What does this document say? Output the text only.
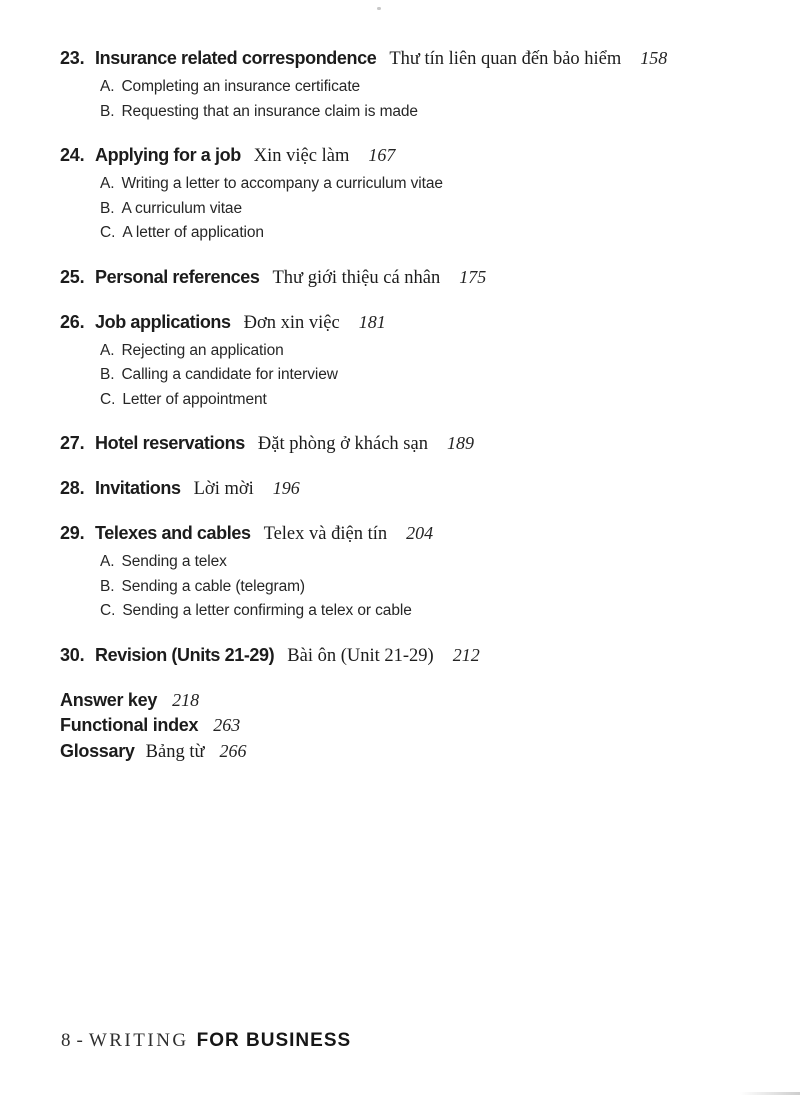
23. Insurance related correspondence Thư tín liên quan đến bảo hiểm 158
A. Completing an insurance certificate
B. Requesting that an insurance claim is made
24. Applying for a job Xin việc làm 167
A. Writing a letter to accompany a curriculum vitae
B. A curriculum vitae
C. A letter of application
25. Personal references Thư giới thiệu cá nhân 175
26. Job applications Đơn xin việc 181
A. Rejecting an application
B. Calling a candidate for interview
C. Letter of appointment
27. Hotel reservations Đặt phòng ở khách sạn 189
28. Invitations Lời mời 196
29. Telexes and cables Telex và điện tín 204
A. Sending a telex
B. Sending a cable (telegram)
C. Sending a letter confirming a telex or cable
30. Revision (Units 21-29) Bài ôn (Unit 21-29) 212
Answer key 218
Functional index 263
Glossary Bảng từ 266
8 - WRITING FOR BUSINESS
